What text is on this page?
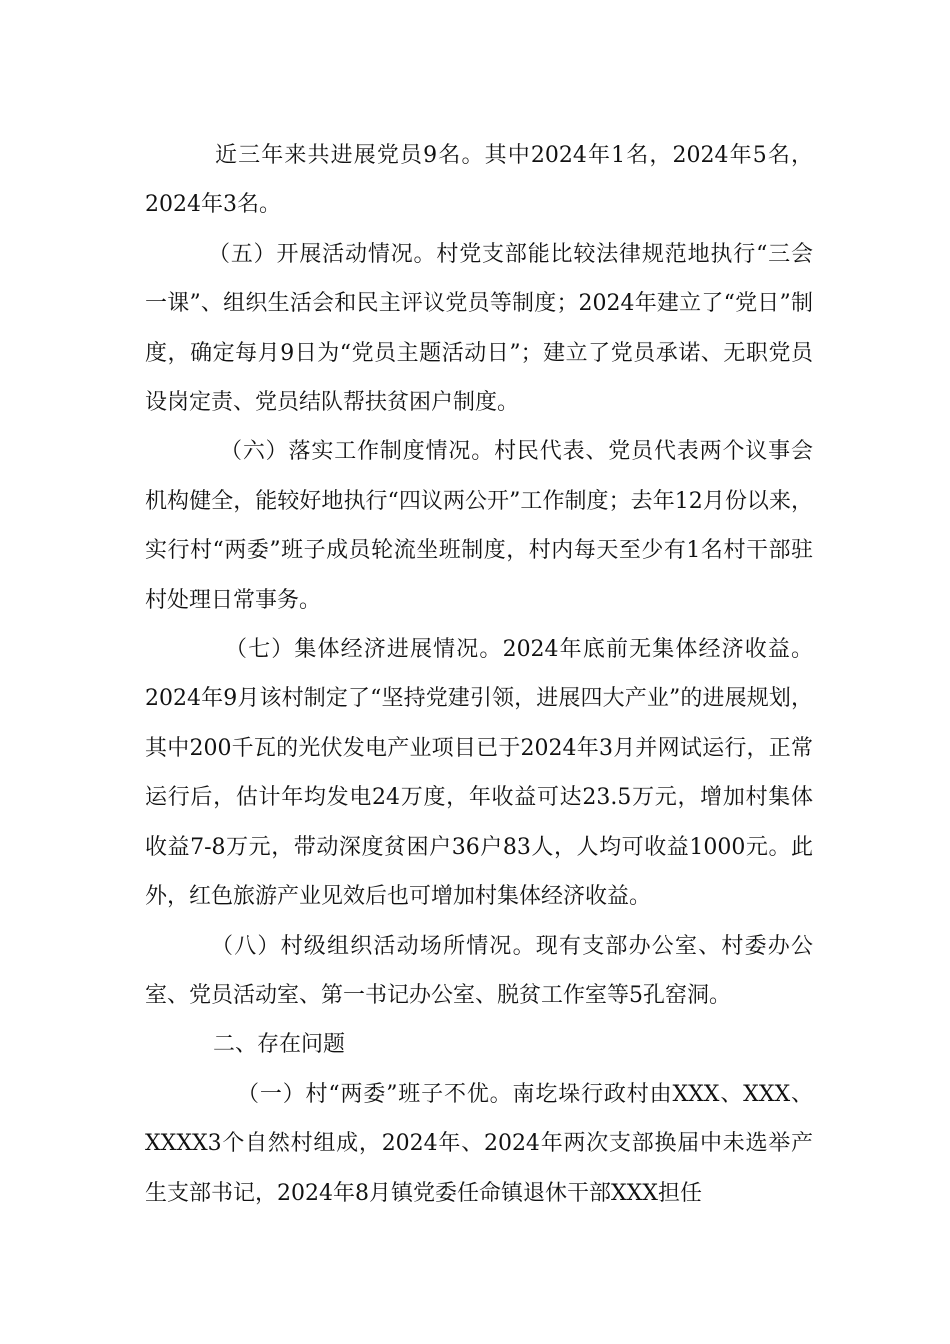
近三年来共进展党员9名。其中2024年1名，2024年5名，2024年3名。

（五）开展活动情况。村党支部能比较法律规范地执行“三会一课”、组织生活会和民主评议党员等制度；2024年建立了“党日”制度，确定每月9日为“党员主题活动日”；建立了党员承诺、无职党员设岗定责、党员结队帮扶贫困户制度。

（六）落实工作制度情况。村民代表、党员代表两个议事会机构健全，能较好地执行“四议两公开”工作制度；去年12月份以来，实行村“两委”班子成员轮流坐班制度，村内每天至少有1名村干部驻村处理日常事务。

（七）集体经济进展情况。2024年底前无集体经济收益。2024年9月该村制定了“坚持党建引领，进展四大产业”的进展规划，其中200千瓦的光伏发电产业项目已于2024年3月并网试运行，正常运行后，估计年均发电24万度，年收益可达23.5万元，增加村集体收益7-8万元，带动深度贫困户36户83人，人均可收益1000元。此外，红色旅游产业见效后也可增加村集体经济收益。

（八）村级组织活动场所情况。现有支部办公室、村委办公室、党员活动室、第一书记办公室、脱贫工作室等5孔窑洞。

二、存在问题

（一）村“两委”班子不优。南圪垛行政村由XXX、XXX、XXXX3个自然村组成，2024年、2024年两次支部换届中未选举产生支部书记，2024年8月镇党委任命镇退休干部XXX担任
